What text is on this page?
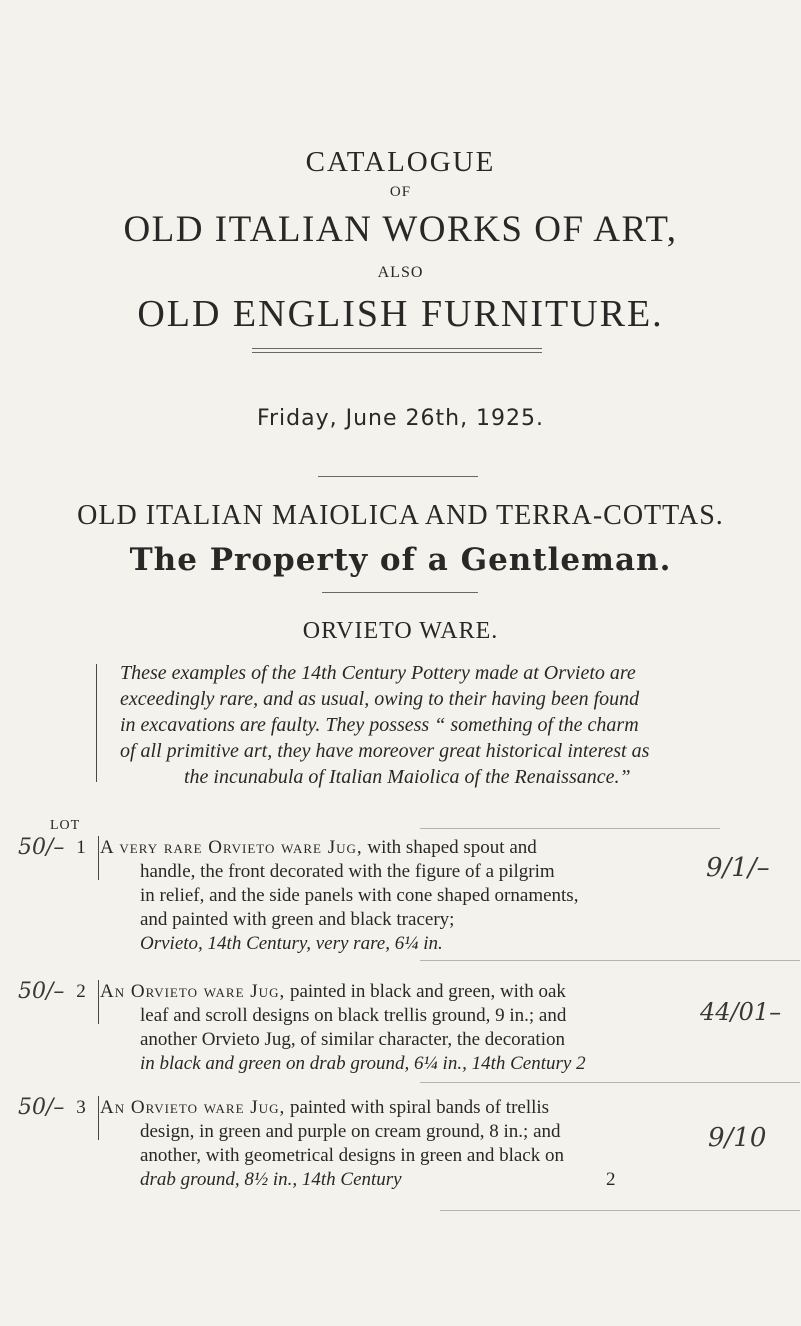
CATALOGUE
OF
OLD ITALIAN WORKS OF ART,
ALSO
OLD ENGLISH FURNITURE.
Friday, June 26th, 1925.
OLD ITALIAN MAIOLICA AND TERRA-COTTAS.
The Property of a Gentleman.
ORVIETO WARE.
These examples of the 14th Century Pottery made at Orvieto are
exceedingly rare, and as usual, owing to their having been found
in excavations are faulty. They possess “ something of the charm
of all primitive art, they have moreover great historical interest as
the incunabula of Italian Maiolica of the Renaissance.”
LOT
50/– 1 A very rare Orvieto ware Jug, with shaped spout and
handle, the front decorated with the figure of a pilgrim
in relief, and the side panels with cone shaped ornaments,
and painted with green and black tracery;
Orvieto, 14th Century, very rare, 6¼ in.
9/1/–
50/– 2 An Orvieto ware Jug, painted in black and green, with oak
leaf and scroll designs on black trellis ground, 9 in.; and
another Orvieto Jug, of similar character, the decoration
in black and green on drab ground, 6¼ in., 14th Century 2
44/01–
50/– 3 An Orvieto ware Jug, painted with spiral bands of trellis
design, in green and purple on cream ground, 8 in.; and
another, with geometrical designs in green and black on
drab ground, 8½ in., 14th Century	2
9/10
